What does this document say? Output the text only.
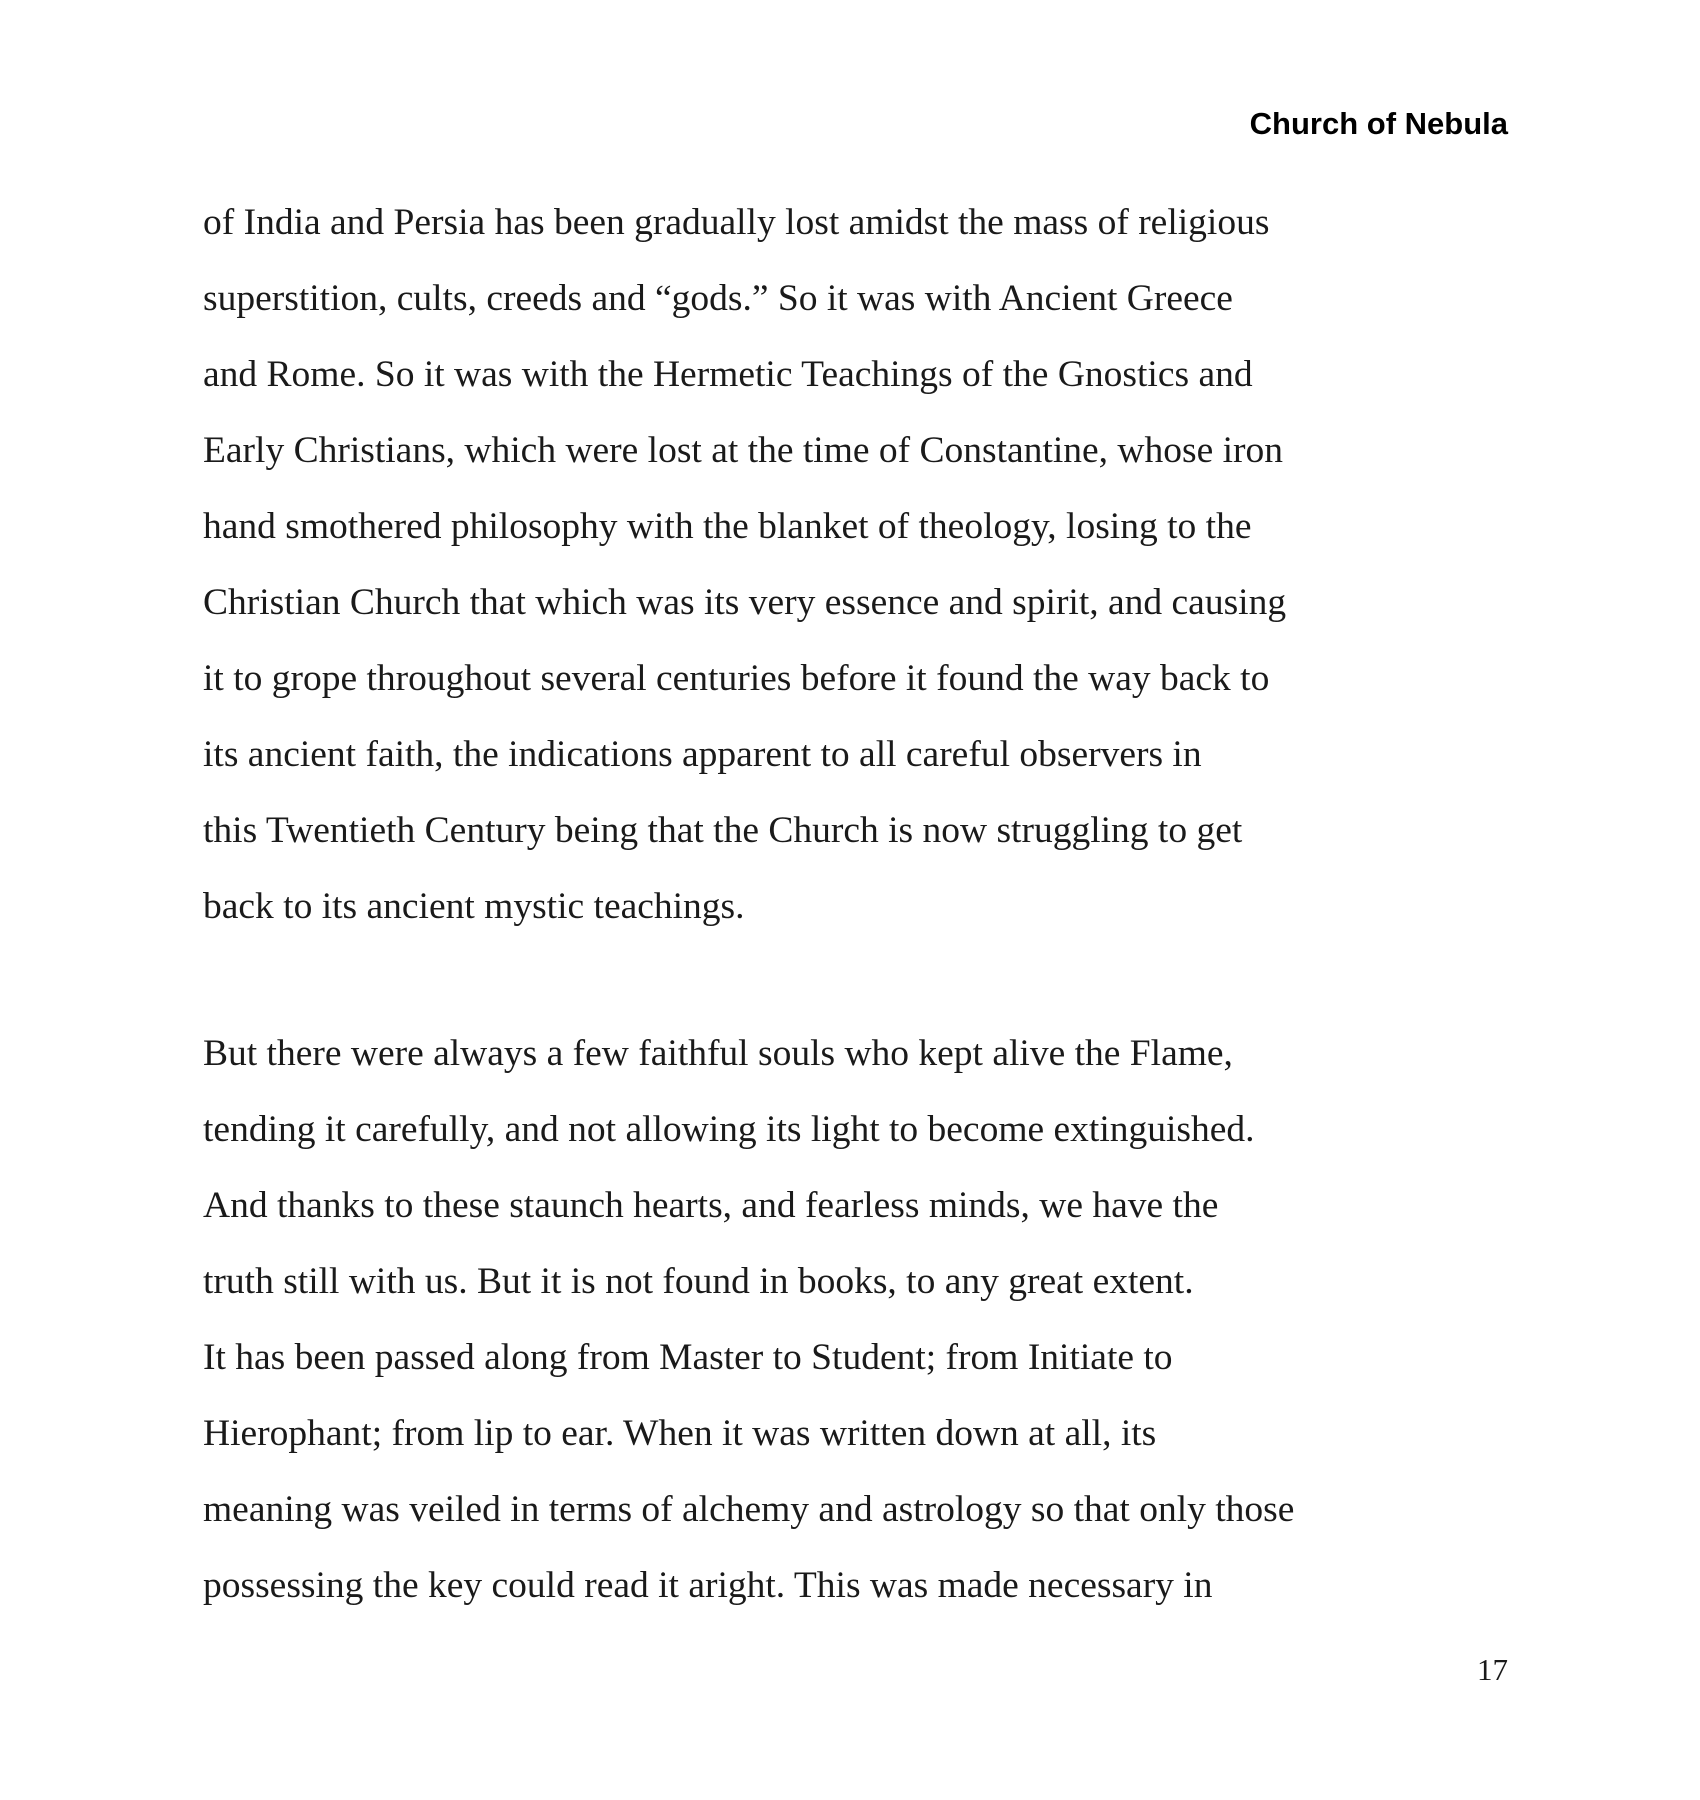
Church of Nebula

of India and Persia has been gradually lost amidst the mass of religious
superstition, cults, creeds and “gods.” So it was with Ancient Greece
and Rome. So it was with the Hermetic Teachings of the Gnostics and
Early Christians, which were lost at the time of Constantine, whose iron
hand smothered philosophy with the blanket of theology, losing to the
Christian Church that which was its very essence and spirit, and causing
it to grope throughout several centuries before it found the way back to
its ancient faith, the indications apparent to all careful observers in
this Twentieth Century being that the Church is now struggling to get
back to its ancient mystic teachings.

But there were always a few faithful souls who kept alive the Flame,
tending it carefully, and not allowing its light to become extinguished.
And thanks to these staunch hearts, and fearless minds, we have the
truth still with us. But it is not found in books, to any great extent.
It has been passed along from Master to Student; from Initiate to
Hierophant; from lip to ear. When it was written down at all, its
meaning was veiled in terms of alchemy and astrology so that only those
possessing the key could read it aright. This was made necessary in

17
